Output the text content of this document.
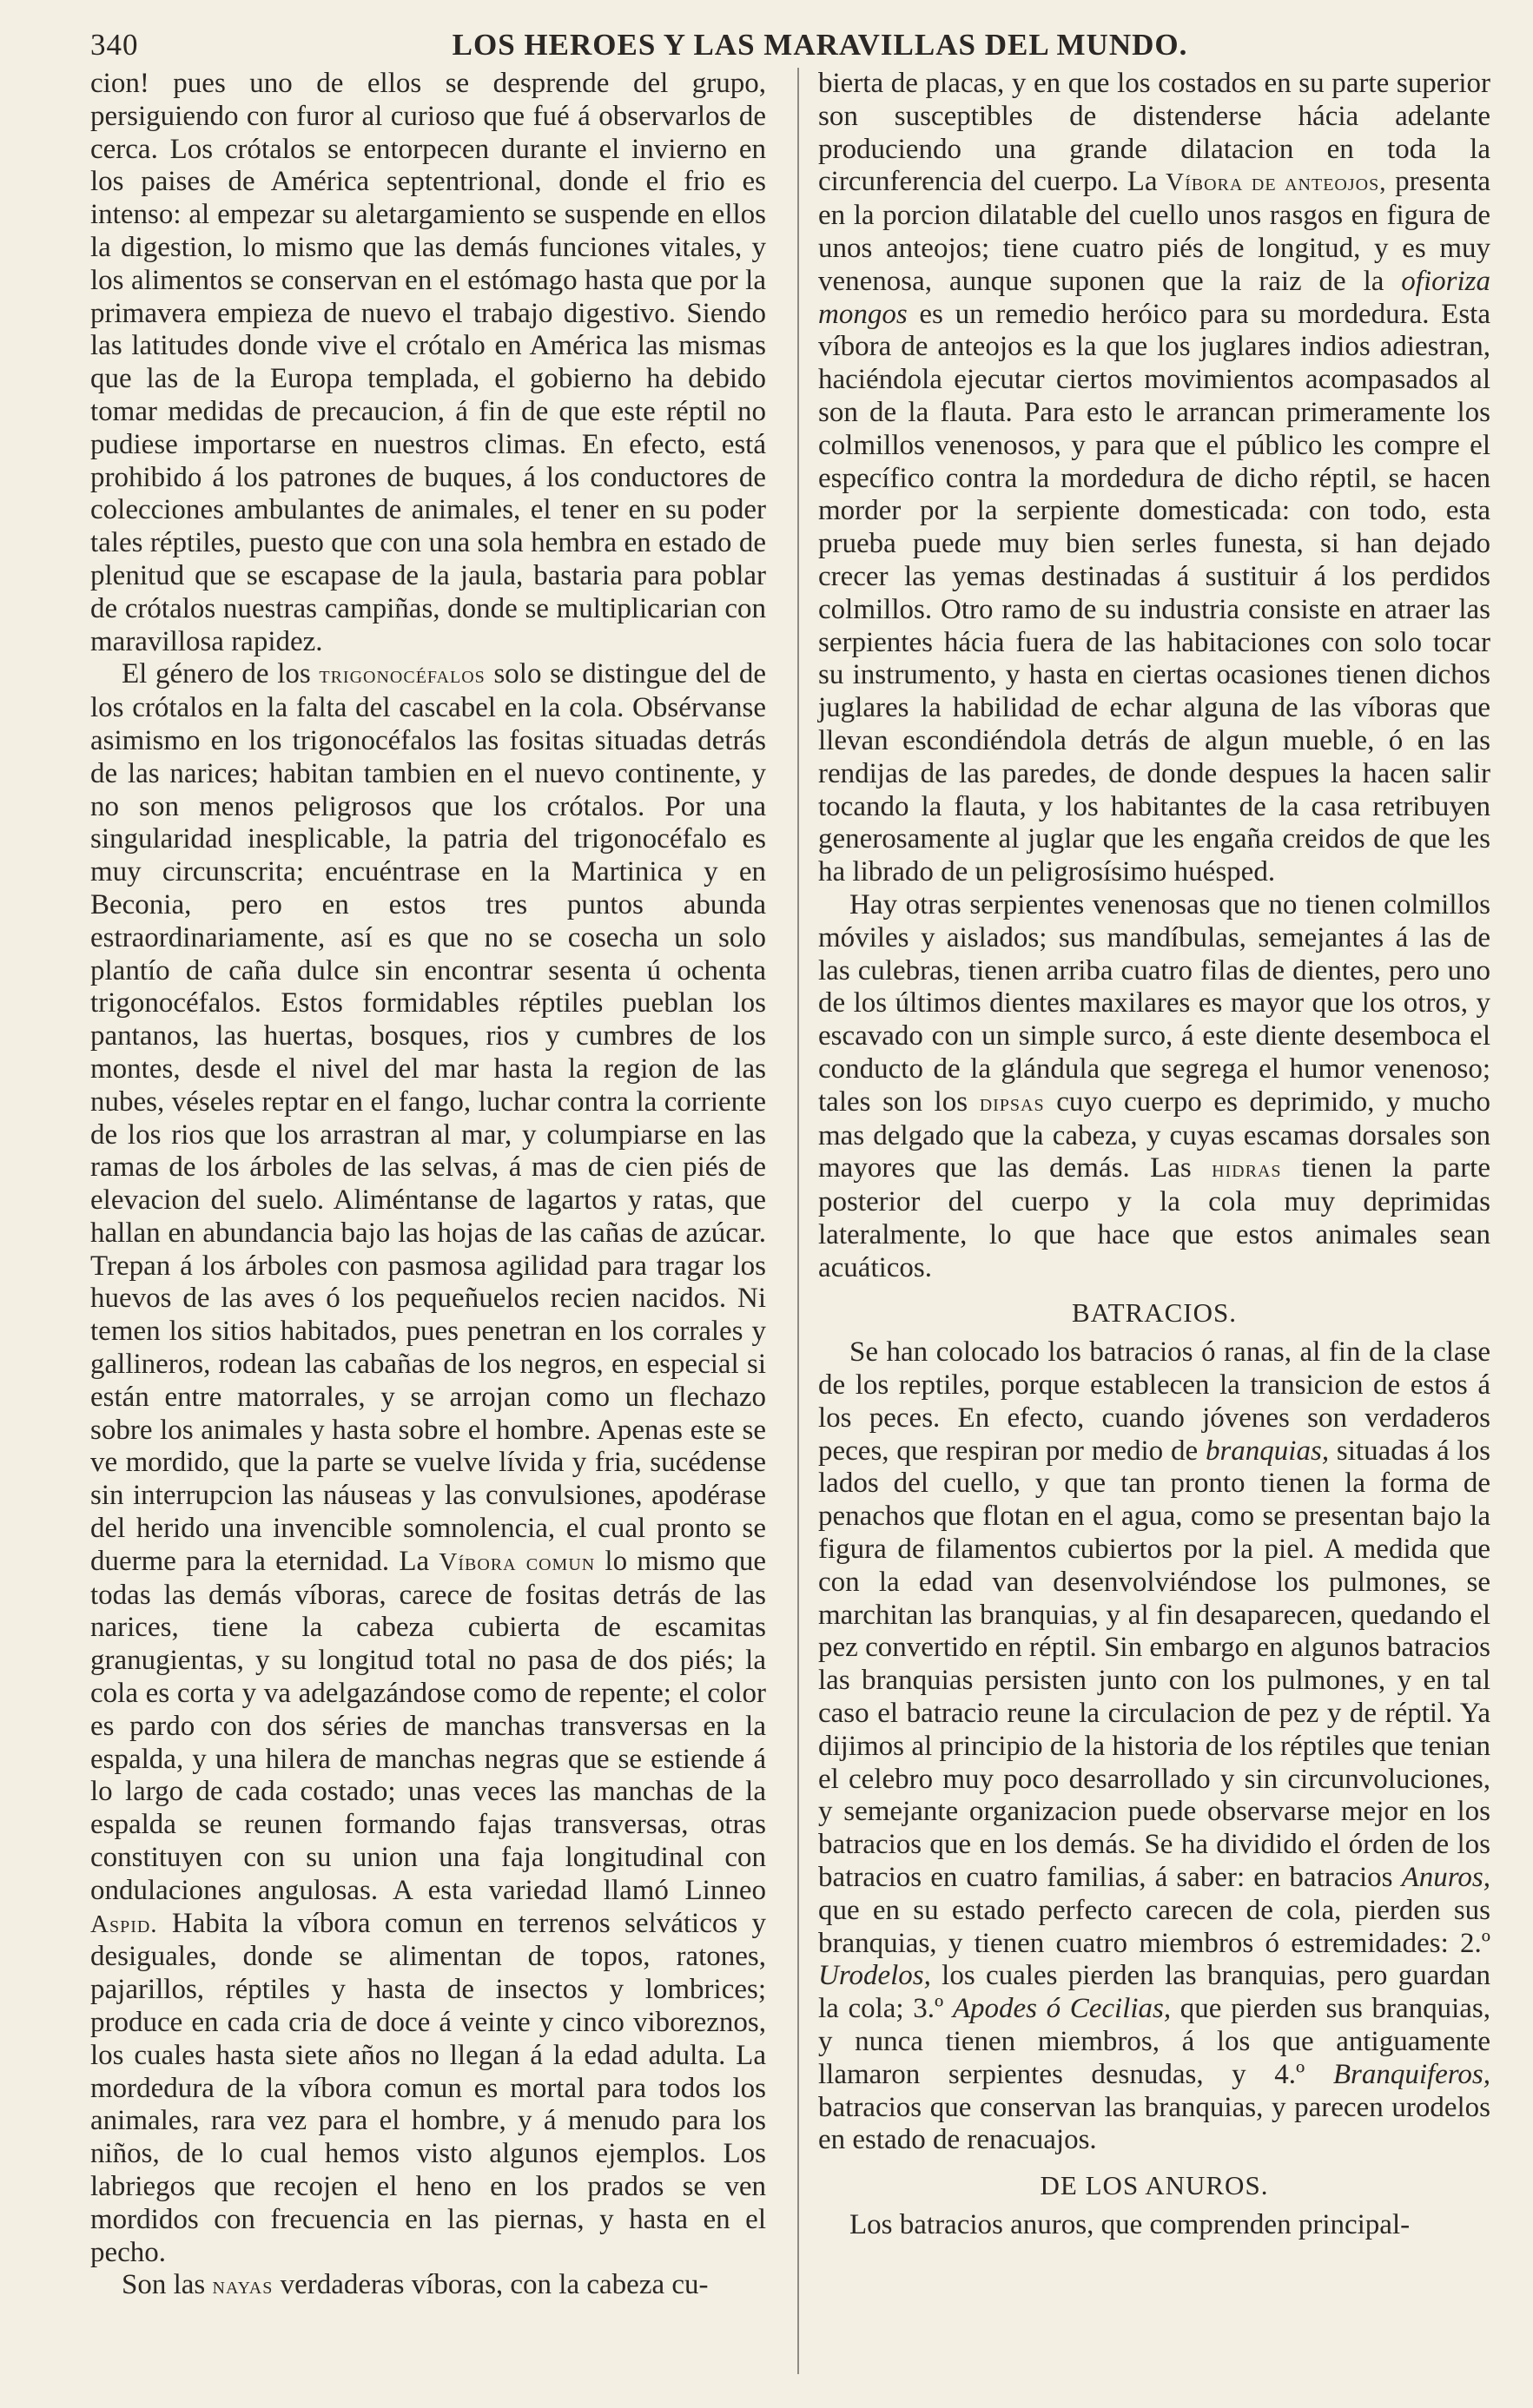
340	LOS HEROES Y LAS MARAVILLAS DEL MUNDO.

cion! pues uno de ellos se desprende del grupo, persiguiendo con furor al curioso que fué á observarlos de cerca. Los crótalos se entorpecen durante el invierno en los paises de América septentrional, donde el frio es intenso: al empezar su aletargamiento se suspende en ellos la digestion, lo mismo que las demás funciones vitales, y los alimentos se conservan en el estómago hasta que por la primavera empieza de nuevo el trabajo digestivo. Siendo las latitudes donde vive el crótalo en América las mismas que las de la Europa templada, el gobierno ha debido tomar medidas de precaucion, á fin de que este réptil no pudiese importarse en nuestros climas. En efecto, está prohibido á los patrones de buques, á los conductores de colecciones ambulantes de animales, el tener en su poder tales réptiles, puesto que con una sola hembra en estado de plenitud que se escapase de la jaula, bastaria para poblar de crótalos nuestras campiñas, donde se multiplicarian con maravillosa rapidez.

El género de los trigonocéfalos solo se distingue del de los crótalos en la falta del cascabel en la cola. Obsérvanse asimismo en los trigonocéfalos las fositas situadas detrás de las narices; habitan tambien en el nuevo continente, y no son menos peligrosos que los crótalos. Por una singularidad inesplicable, la patria del trigonocéfalo es muy circunscrita; encuéntrase en la Martinica y en Beconia, pero en estos tres puntos abunda estraordinariamente, así es que no se cosecha un solo plantío de caña dulce sin encontrar sesenta ú ochenta trigonocéfalos. Estos formidables réptiles pueblan los pantanos, las huertas, bosques, rios y cumbres de los montes, desde el nivel del mar hasta la region de las nubes, véseles reptar en el fango, luchar contra la corriente de los rios que los arrastran al mar, y columpiarse en las ramas de los árboles de las selvas, á mas de cien piés de elevacion del suelo. Aliméntanse de lagartos y ratas, que hallan en abundancia bajo las hojas de las cañas de azúcar. Trepan á los árboles con pasmosa agilidad para tragar los huevos de las aves ó los pequeñuelos recien nacidos. Ni temen los sitios habitados, pues penetran en los corrales y gallineros, rodean las cabañas de los negros, en especial si están entre matorrales, y se arrojan como un flechazo sobre los animales y hasta sobre el hombre. Apenas este se ve mordido, que la parte se vuelve lívida y fria, sucédense sin interrupcion las náuseas y las convulsiones, apodérase del herido una invencible somnolencia, el cual pronto se duerme para la eternidad. La Víbora comun lo mismo que todas las demás víboras, carece de fositas detrás de las narices, tiene la cabeza cubierta de escamitas granugientas, y su longitud total no pasa de dos piés; la cola es corta y va adelgazándose como de repente; el color es pardo con dos séries de manchas transversas en la espalda, y una hilera de manchas negras que se estiende á lo largo de cada costado; unas veces las manchas de la espalda se reunen formando fajas transversas, otras constituyen con su union una faja longitudinal con ondulaciones angulosas. A esta variedad llamó Linneo Aspid. Habita la víbora comun en terrenos selváticos y desiguales, donde se alimentan de topos, ratones, pajarillos, réptiles y hasta de insectos y lombrices; produce en cada cria de doce á veinte y cinco viboreznos, los cuales hasta siete años no llegan á la edad adulta. La mordedura de la víbora comun es mortal para todos los animales, rara vez para el hombre, y á menudo para los niños, de lo cual hemos visto algunos ejemplos. Los labriegos que recojen el heno en los prados se ven mordidos con frecuencia en las piernas, y hasta en el pecho.

Son las nayas verdaderas víboras, con la cabeza cu-

bierta de placas, y en que los costados en su parte superior son susceptibles de distenderse hácia adelante produciendo una grande dilatacion en toda la circunferencia del cuerpo. La Víbora de anteojos, presenta en la porcion dilatable del cuello unos rasgos en figura de unos anteojos; tiene cuatro piés de longitud, y es muy venenosa, aunque suponen que la raiz de la ofioriza mongos es un remedio heróico para su mordedura. Esta víbora de anteojos es la que los juglares indios adiestran, haciéndola ejecutar ciertos movimientos acompasados al son de la flauta. Para esto le arrancan primeramente los colmillos venenosos, y para que el público les compre el específico contra la mordedura de dicho réptil, se hacen morder por la serpiente domesticada: con todo, esta prueba puede muy bien serles funesta, si han dejado crecer las yemas destinadas á sustituir á los perdidos colmillos. Otro ramo de su industria consiste en atraer las serpientes hácia fuera de las habitaciones con solo tocar su instrumento, y hasta en ciertas ocasiones tienen dichos juglares la habilidad de echar alguna de las víboras que llevan escondiéndola detrás de algun mueble, ó en las rendijas de las paredes, de donde despues la hacen salir tocando la flauta, y los habitantes de la casa retribuyen generosamente al juglar que les engaña creidos de que les ha librado de un peligrosísimo huésped.

Hay otras serpientes venenosas que no tienen colmillos móviles y aislados; sus mandíbulas, semejantes á las de las culebras, tienen arriba cuatro filas de dientes, pero uno de los últimos dientes maxilares es mayor que los otros, y escavado con un simple surco, á este diente desemboca el conducto de la glándula que segrega el humor venenoso; tales son los dipsas cuyo cuerpo es deprimido, y mucho mas delgado que la cabeza, y cuyas escamas dorsales son mayores que las demás. Las hidras tienen la parte posterior del cuerpo y la cola muy deprimidas lateralmente, lo que hace que estos animales sean acuáticos.

BATRACIOS.

Se han colocado los batracios ó ranas, al fin de la clase de los reptiles, porque establecen la transicion de estos á los peces. En efecto, cuando jóvenes son verdaderos peces, que respiran por medio de branquias, situadas á los lados del cuello, y que tan pronto tienen la forma de penachos que flotan en el agua, como se presentan bajo la figura de filamentos cubiertos por la piel. A medida que con la edad van desenvolviéndose los pulmones, se marchitan las branquias, y al fin desaparecen, quedando el pez convertido en réptil. Sin embargo en algunos batracios las branquias persisten junto con los pulmones, y en tal caso el batracio reune la circulacion de pez y de réptil. Ya dijimos al principio de la historia de los réptiles que tenian el celebro muy poco desarrollado y sin circunvoluciones, y semejante organizacion puede observarse mejor en los batracios que en los demás. Se ha dividido el órden de los batracios en cuatro familias, á saber: en batracios Anuros, que en su estado perfecto carecen de cola, pierden sus branquias, y tienen cuatro miembros ó estremidades: 2.º Urodelos, los cuales pierden las branquias, pero guardan la cola; 3.º Apodes ó Cecilias, que pierden sus branquias, y nunca tienen miembros, á los que antiguamente llamaron serpientes desnudas, y 4.º Branquiferos, batracios que conservan las branquias, y parecen urodelos en estado de renacuajos.

DE LOS ANUROS.

Los batracios anuros, que comprenden principal-
